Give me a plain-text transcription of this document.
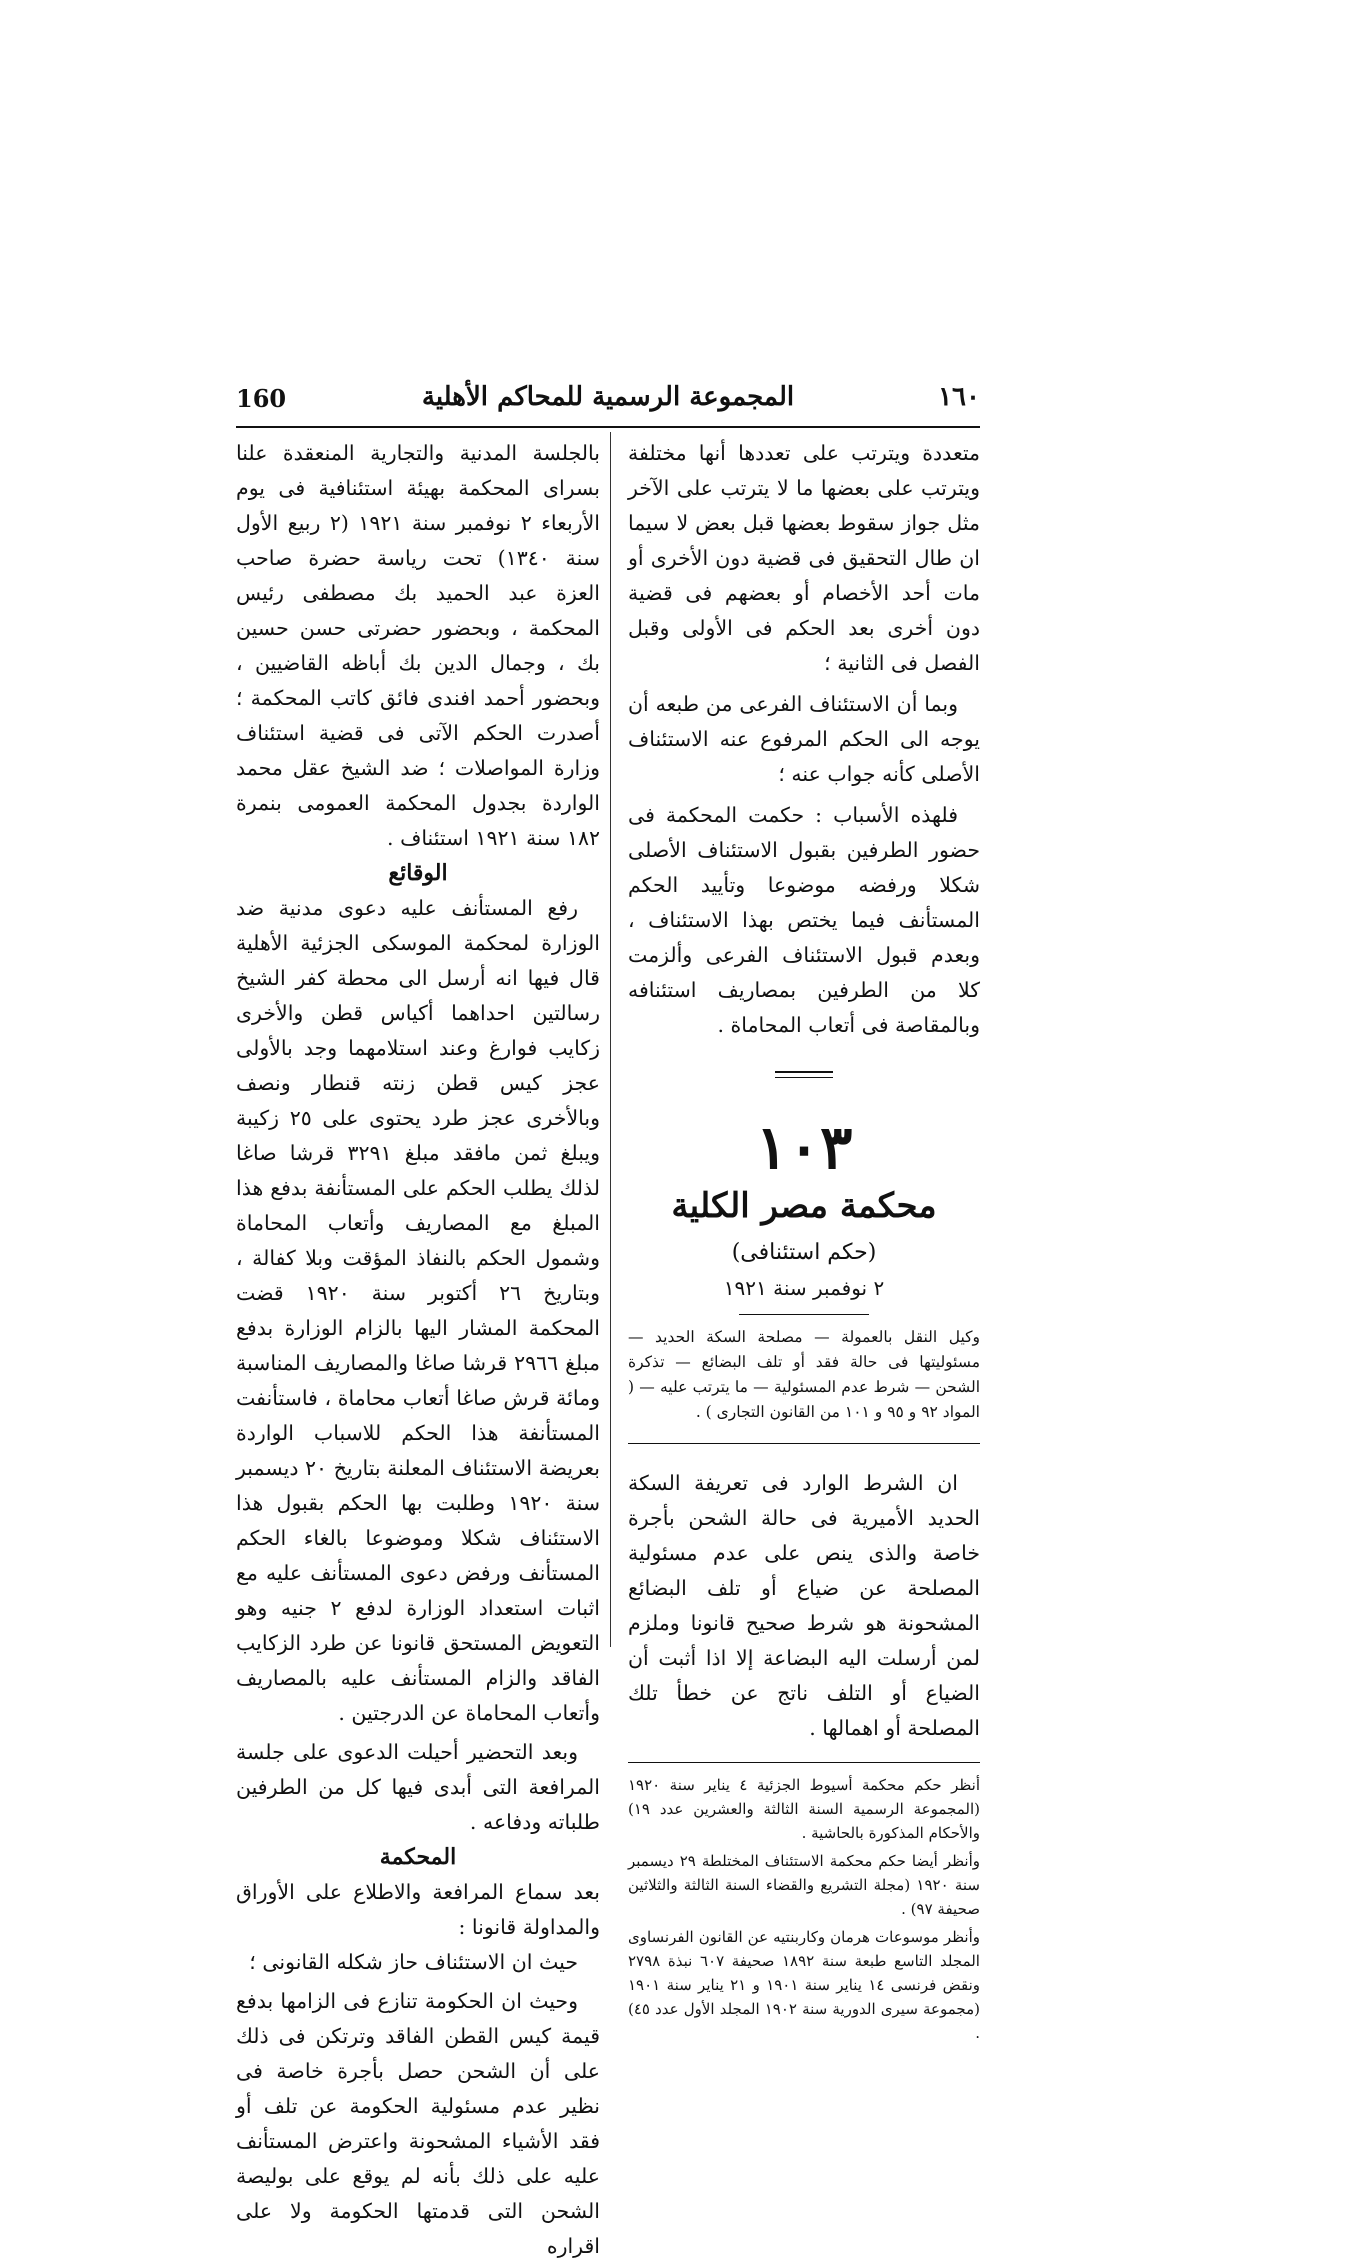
١٦٠
المجموعة الرسمية للمحاكم الأهلية
160

متعددة ويترتب على تعددها أنها مختلفة ويترتب على بعضها ما لا يترتب على الآخر مثل جواز سقوط بعضها قبل بعض لا سيما ان طال التحقيق فى قضية دون الأخرى أو مات أحد الأخصام أو بعضهم فى قضية دون أخرى بعد الحكم فى الأولى وقبل الفصل فى الثانية ؛

وبما أن الاستئناف الفرعى من طبعه أن يوجه الى الحكم المرفوع عنه الاستئناف الأصلى كأنه جواب عنه ؛

فلهذه الأسباب : حكمت المحكمة فى حضور الطرفين بقبول الاستئناف الأصلى شكلا ورفضه موضوعا وتأييد الحكم المستأنف فيما يختص بهذا الاستئناف ، وبعدم قبول الاستئناف الفرعى وألزمت كلا من الطرفين بمصاريف استئنافه وبالمقاصة فى أتعاب المحاماة .

١٠٣
محكمة مصر الكلية
(حكم استئنافى)
٢ نوفمبر سنة ١٩٢١
وكيل النقل بالعمولة — مصلحة السكة الحديد — مسئوليتها فى حالة فقد أو تلف البضائع — تذكرة الشحن — شرط عدم المسئولية — ما يترتب عليه — ( المواد ٩٢ و ٩٥ و ١٠١ من القانون التجارى ) .

ان الشرط الوارد فى تعريفة السكة الحديد الأميرية فى حالة الشحن بأجرة خاصة والذى ينص على عدم مسئولية المصلحة عن ضياع أو تلف البضائع المشحونة هو شرط صحيح قانونا وملزم لمن أرسلت اليه البضاعة إلا اذا أثبت أن الضياع أو التلف ناتج عن خطأ تلك المصلحة أو اهمالها .

أنظر حكم محكمة أسيوط الجزئية ٤ يناير سنة ١٩٢٠ (المجموعة الرسمية السنة الثالثة والعشرين عدد ١٩) والأحكام المذكورة بالحاشية .

وأنظر أيضا حكم محكمة الاستئناف المختلطة ٢٩ ديسمبر سنة ١٩٢٠ (مجلة التشريع والقضاء السنة الثالثة والثلاثين صحيفة ٩٧) .

وأنظر موسوعات هرمان وكاربنتيه عن القانون الفرنساوى المجلد التاسع طبعة سنة ١٨٩٢ صحيفة ٦٠٧ نبذة ٢٧٩٨ ونقض فرنسى ١٤ يناير سنة ١٩٠١ و ٢١ يناير سنة ١٩٠١ (مجموعة سيرى الدورية سنة ١٩٠٢ المجلد الأول عدد ٤٥) .

بالجلسة المدنية والتجارية المنعقدة علنا بسراى المحكمة بهيئة استئنافية فى يوم الأربعاء ٢ نوفمبر سنة ١٩٢١ (٢ ربيع الأول سنة ١٣٤٠) تحت رياسة حضرة صاحب العزة عبد الحميد بك مصطفى رئيس المحكمة ، وبحضور حضرتى حسن حسين بك ، وجمال الدين بك أباظه القاضيين ، وبحضور أحمد افندى فائق كاتب المحكمة ؛ أصدرت الحكم الآتى فى قضية استئناف وزارة المواصلات ؛ ضد الشيخ عقل محمد الواردة بجدول المحكمة العمومى بنمرة ١٨٢ سنة ١٩٢١ استئناف .

الوقائع

رفع المستأنف عليه دعوى مدنية ضد الوزارة لمحكمة الموسكى الجزئية الأهلية قال فيها انه أرسل الى محطة كفر الشيخ رسالتين احداهما أكياس قطن والأخرى زكايب فوارغ وعند استلامهما وجد بالأولى عجز كيس قطن زنته قنطار ونصف وبالأخرى عجز طرد يحتوى على ٢٥ زكيبة ويبلغ ثمن مافقد مبلغ ٣٢٩١ قرشا صاغا لذلك يطلب الحكم على المستأنفة بدفع هذا المبلغ مع المصاريف وأتعاب المحاماة وشمول الحكم بالنفاذ المؤقت وبلا كفالة ، وبتاريخ ٢٦ أكتوبر سنة ١٩٢٠ قضت المحكمة المشار اليها بالزام الوزارة بدفع مبلغ ٢٩٦٦ قرشا صاغا والمصاريف المناسبة ومائة قرش صاغا أتعاب محاماة ، فاستأنفت المستأنفة هذا الحكم للاسباب الواردة بعريضة الاستئناف المعلنة بتاريخ ٢٠ ديسمبر سنة ١٩٢٠ وطلبت بها الحكم بقبول هذا الاستئناف شكلا وموضوعا بالغاء الحكم المستأنف ورفض دعوى المستأنف عليه مع اثبات استعداد الوزارة لدفع ٢ جنيه وهو التعويض المستحق قانونا عن طرد الزكايب الفاقد والزام المستأنف عليه بالمصاريف وأتعاب المحاماة عن الدرجتين .

وبعد التحضير أحيلت الدعوى على جلسة المرافعة التى أبدى فيها كل من الطرفين طلباته ودفاعه .

المحكمة

بعد سماع المرافعة والاطلاع على الأوراق والمداولة قانونا :

حيث ان الاستئناف حاز شكله القانونى ؛

وحيث ان الحكومة تنازع فى الزامها بدفع قيمة كيس القطن الفاقد وترتكن فى ذلك على أن الشحن حصل بأجرة خاصة فى نظير عدم مسئولية الحكومة عن تلف أو فقد الأشياء المشحونة واعترض المستأنف عليه على ذلك بأنه لم يوقع على بوليصة الشحن التى قدمتها الحكومة ولا على اقراره
